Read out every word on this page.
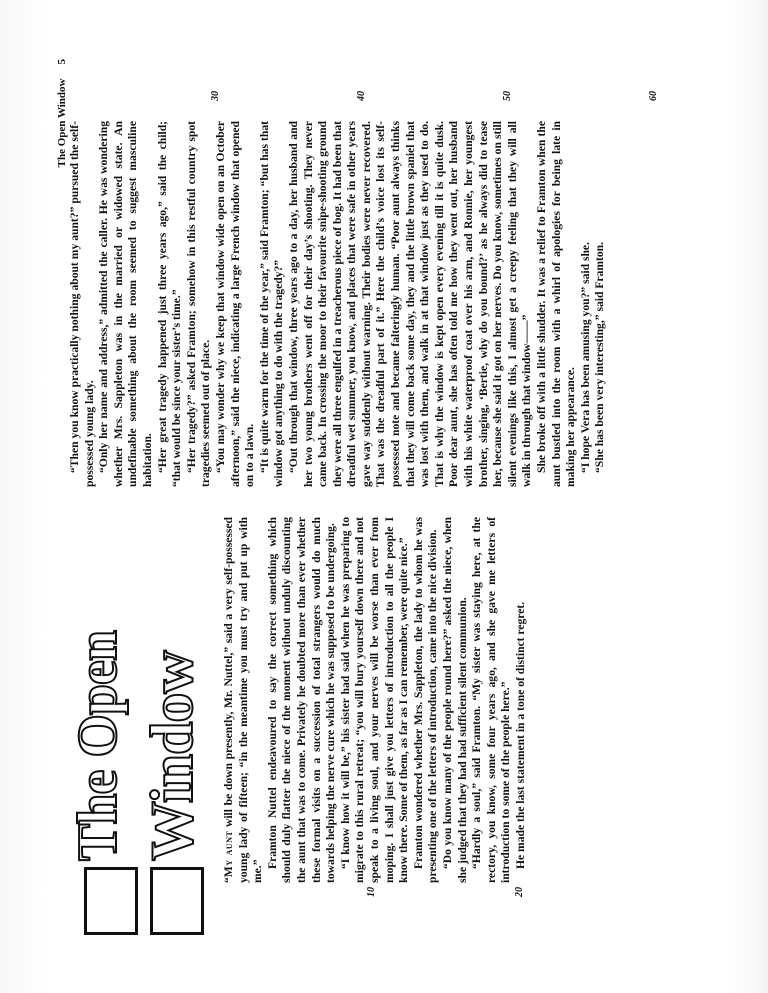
The Open Window
5
The Open Window

“My aunt will be down presently, Mr. Nuttel,” said a very self-possessed young lady of fifteen; “in the meantime you must try and put up with me.”

Framton Nuttel endeavoured to say the correct something which should duly flatter the niece of the moment without unduly discounting the aunt that was to come. Privately he doubted more than ever whether these formal visits on a succession of total strangers would do much towards helping the nerve cure which he was supposed to be undergoing. “I know how it will be,” his sister had said when he was preparing to migrate to this rural retreat; “you will bury yourself down there and not speak to a living soul, and your nerves will be worse than ever from moping. I shall just give you letters of introduction to all the people I know there. Some of them, as far as I can remember, were quite nice.” Framton wondered whether Mrs. Sappleton, the lady to whom he was presenting one of the letters of introduction, came into the nice division. “Do you know many of the people round here?” asked the niece, when she judged that they had had sufficient silent communion. “Hardly a soul,” said Framton. “My sister was staying here, at the rectory, you know, some four years ago, and she gave me letters of introduction to some of the people here.” He made the last statement in a tone of distinct regret.

“Then you know practically nothing about my aunt?” pursued the self-possessed young lady. “Only her name and address,” admitted the caller. He was wondering whether Mrs. Sappleton was in the married or widowed state. An undefinable something about the room seemed to suggest masculine habitation. “Her great tragedy happened just three years ago,” said the child; “that would be since your sister’s time.” “Her tragedy?” asked Framton; somehow in this restful country spot tragedies seemed out of place. “You may wonder why we keep that window wide open on an October afternoon,” said the niece, indicating a large French window that opened on to a lawn. “It is quite warm for the time of the year,” said Framton; “but has that window got anything to do with the tragedy?” “Out through that window, three years ago to a day, her husband and her two young brothers went off for their day’s shooting. They never came back. In crossing the moor to their favourite snipe-shooting ground they were all three engulfed in a treacherous piece of bog. It had been that dreadful wet summer, you know, and places that were safe in other years gave way suddenly without warning. Their bodies were never recovered. That was the dreadful part of it.” Here the child’s voice lost its self-possessed note and became falteringly human. “Poor aunt always thinks that they will come back some day, they and the little brown spaniel that was lost with them, and walk in at that window just as they used to do. That is why the window is kept open every evening till it is quite dusk. Poor dear aunt, she has often told me how they went out, her husband with his white waterproof coat over his arm, and Ronnie, her youngest brother, singing, ‘Bertie, why do you bound?’ as he always did to tease her, because she said it got on her nerves. Do you know, sometimes on still silent evenings like this, I almost get a creepy feeling that they will all walk in through that window——” She broke off with a little shudder. It was a relief to Framton when the aunt bustled into the room with a whirl of apologies for being late in making her appearance. “I hope Vera has been amusing you?” said she. “She has been very interesting,” said Framton.

10	20
30	40	50	60
